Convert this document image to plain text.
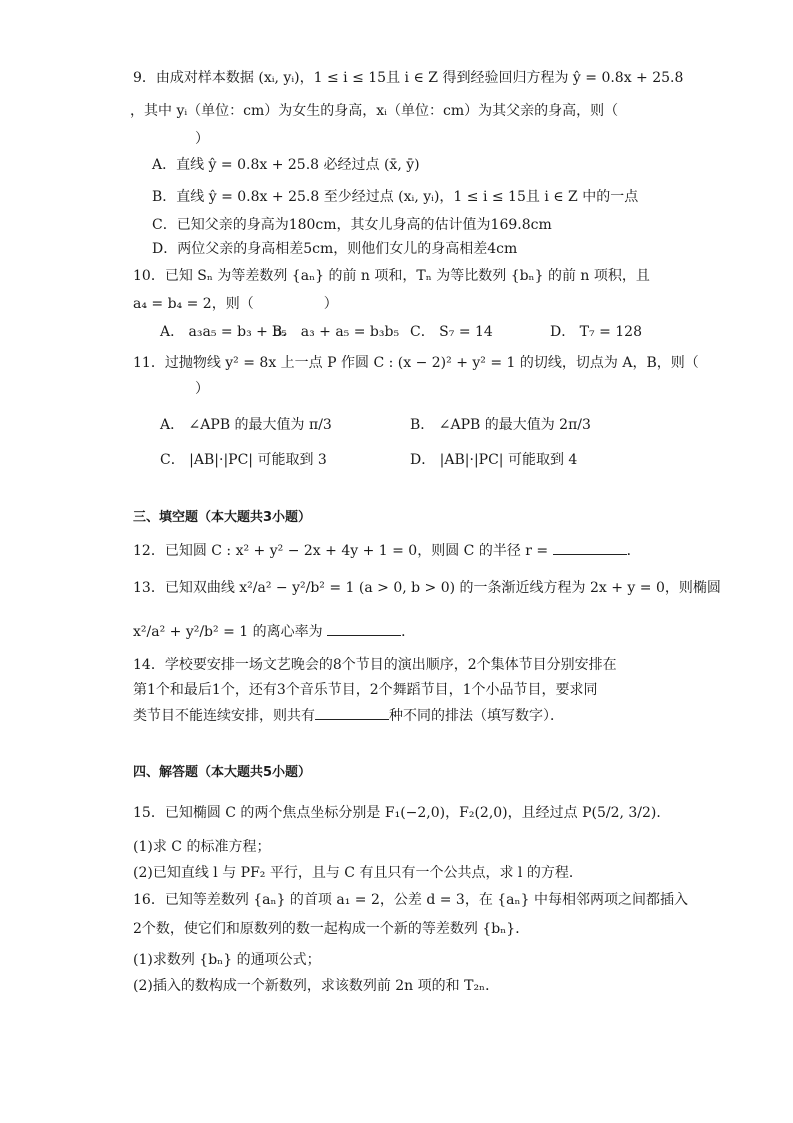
9．由成对样本数据 (xᵢ, yᵢ)，1 ≤ i ≤ 15且 i ∈ Z 得到经验回归方程为 ŷ = 0.8x + 25.8
，其中 yᵢ（单位：cm）为女生的身高，xᵢ（单位：cm）为其父亲的身高，则（
）
A．直线 ŷ = 0.8x + 25.8 必经过点 (x̄, ȳ)
B．直线 ŷ = 0.8x + 25.8 至少经过点 (xᵢ, yᵢ)，1 ≤ i ≤ 15且 i ∈ Z 中的一点
C．已知父亲的身高为180cm，其女儿身高的估计值为169.8cm
D．两位父亲的身高相差5cm，则他们女儿的身高相差4cm
10．已知 Sₙ 为等差数列 {aₙ} 的前 n 项和，Tₙ 为等比数列 {bₙ} 的前 n 项积，且
a₄ = b₄ = 2，则（　　　　　）
A． a₃a₅ = b₃ + b₅
B． a₃ + a₅ = b₃b₅ C． S₇ = 14	D． T₇ = 128
11．过抛物线 y² = 8x 上一点 P 作圆 C : (x − 2)² + y² = 1 的切线，切点为 A，B，则（
）
A． ∠APB 的最大值为 π/3	B． ∠APB 的最大值为 2π/3
C． |AB|·|PC| 可能取到 3	D． |AB|·|PC| 可能取到 4
三、填空题（本大题共3小题）
12．已知圆 C : x² + y² − 2x + 4y + 1 = 0，则圆 C 的半径 r =	．
13．已知双曲线 x²/a² − y²/b² = 1 (a > 0, b > 0) 的一条渐近线方程为 2x + y = 0，则椭圆
x²/a² + y²/b² = 1 的离心率为	．
14．学校要安排一场文艺晚会的8个节目的演出顺序，2个集体节目分别安排在
第1个和最后1个，还有3个音乐节目，2个舞蹈节目，1个小品节目，要求同
类节目不能连续安排，则共有	种不同的排法（填写数字）．
四、解答题（本大题共5小题）
15．已知椭圆 C 的两个焦点坐标分别是 F₁(−2,0)，F₂(2,0)，且经过点 P(5/2, 3/2)．
(1)求 C 的标准方程；
(2)已知直线 l 与 PF₂ 平行，且与 C 有且只有一个公共点，求 l 的方程．
16．已知等差数列 {aₙ} 的首项 a₁ = 2，公差 d = 3，在 {aₙ} 中每相邻两项之间都插入
2个数，使它们和原数列的数一起构成一个新的等差数列 {bₙ}．
(1)求数列 {bₙ} 的通项公式；
(2)插入的数构成一个新数列，求该数列前 2n 项的和 T₂ₙ．
